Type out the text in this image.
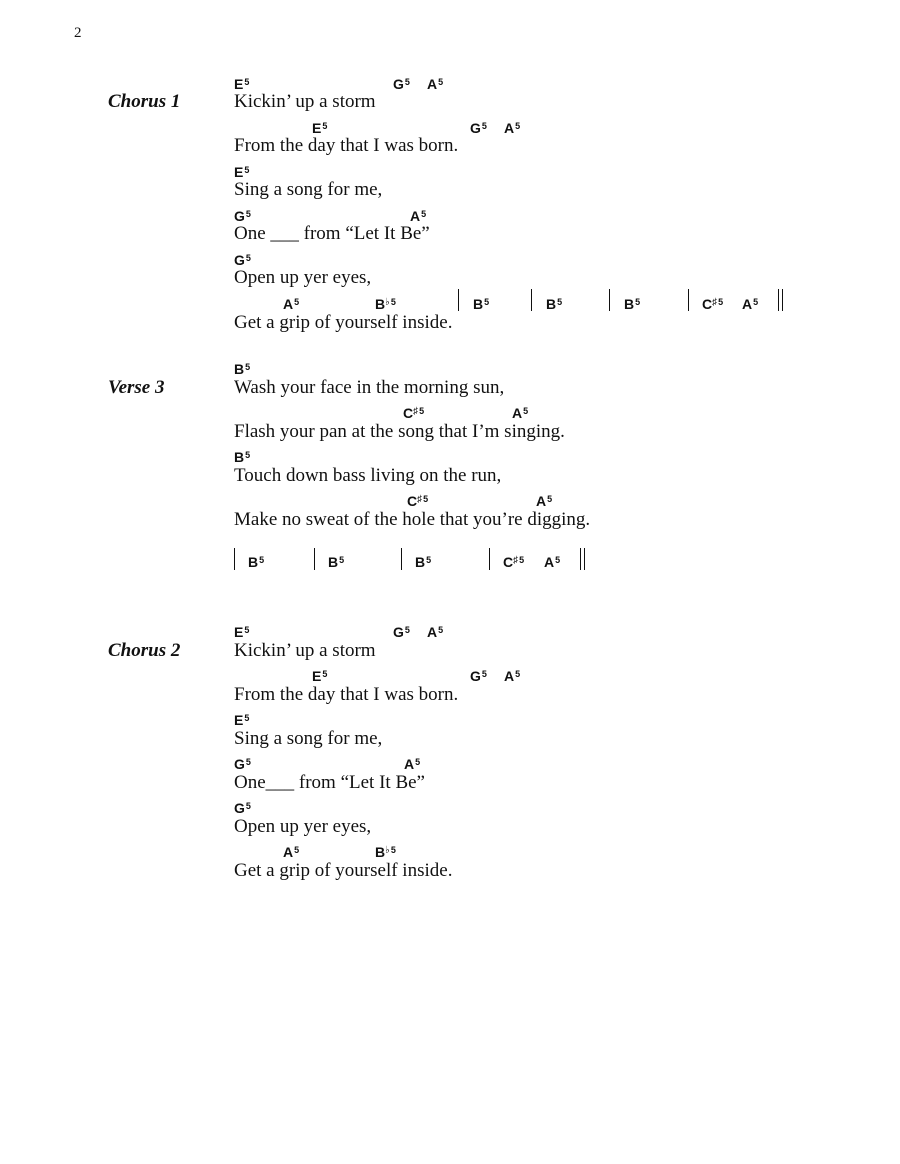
2
Chorus 1	Kickin’ up a storm
From the day that I was born.
Sing a song for me,
One ___ from “Let It Be”
Open up yer eyes,
Get a grip of yourself inside.
$E^5$	$G^5$ $A^5$
$E^5$	$G^5$ $A^5$
$E^5$
$G^5$	$A^5$
$G^5$
$A^5$	$B^{♭5}$	$B^5$	$B^5$	$B^5$	$C^{♯5}$ $A^5$
Verse 3	Wash your face in the morning sun,
Flash your pan at the song that I’m singing.
Touch down bass living on the run,
Make no sweat of the hole that you’re digging.
$B^5$
$C^{♯5}$	$A^5$
$B^5$
$C^{♯5}$	$A^5$
$B^5$	$B^5$	$B^5$	$C^{♯5}$ $A^5$
Chorus 2	Kickin’ up a storm
From the day that I was born.
Sing a song for me,
One___ from “Let It Be”
Open up yer eyes,
Get a grip of yourself inside.
$E^5$	$G^5$ $A^5$
$E^5$	$G^5$ $A^5$
$E^5$
$G^5$	$A^5$
$G^5$
$A^5$	$B^{♭5}$
